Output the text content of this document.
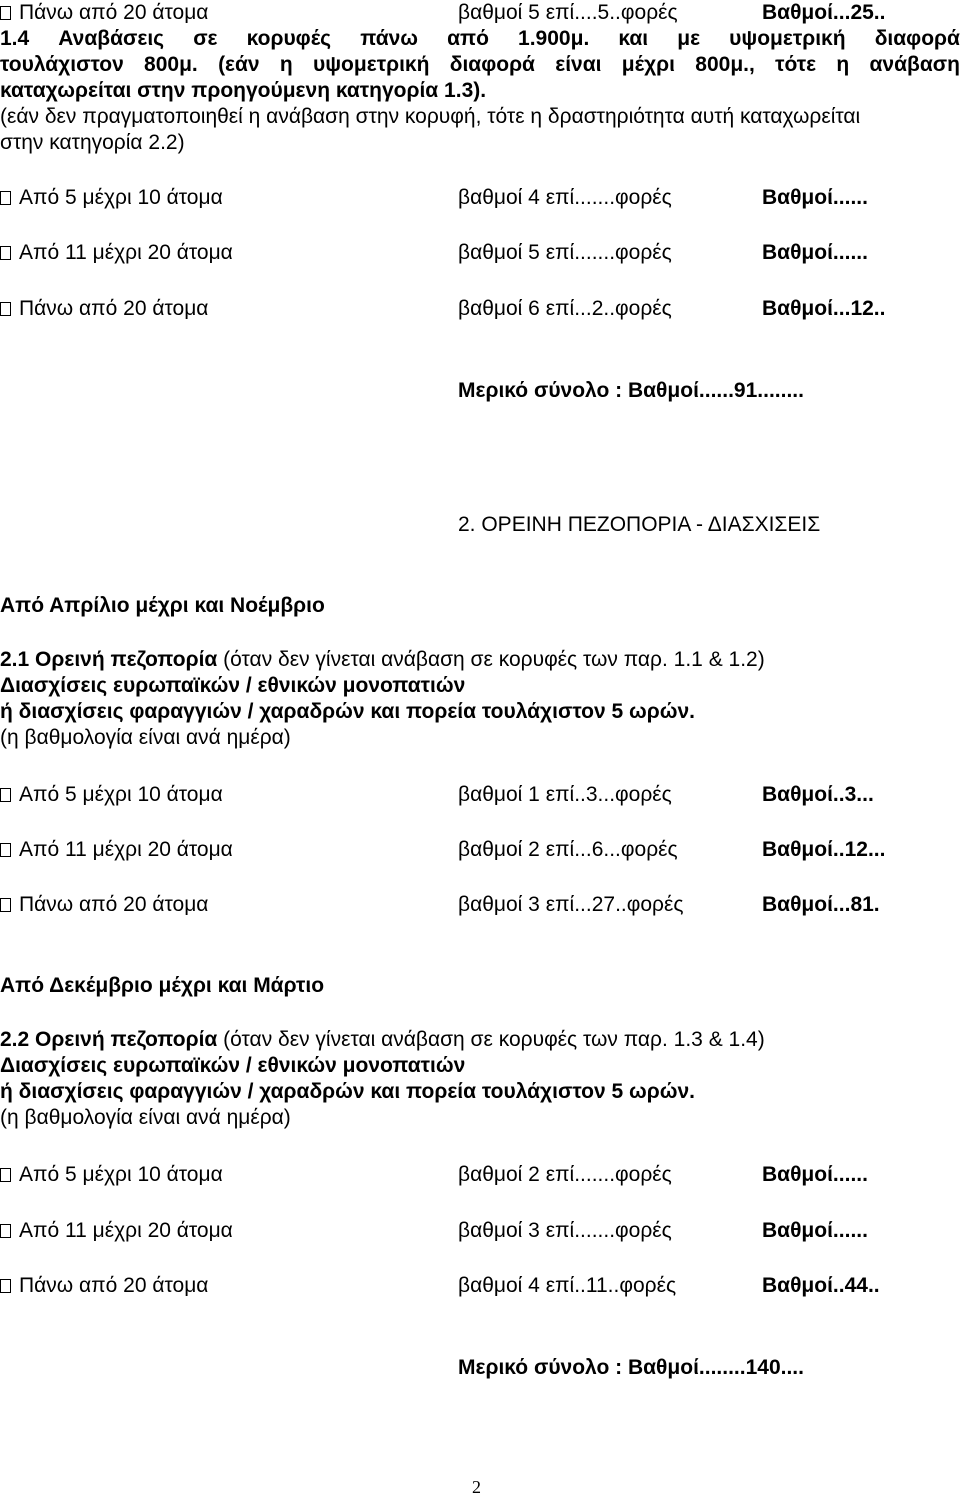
Πάνω από 20 άτομα	βαθμοί 5 επί....5..φορές	Βαθμοί...25..
1.4 Αναβάσεις σε κορυφές πάνω από 1.900μ. και με υψομετρική διαφορά
τουλάχιστον 800μ. (εάν η υψομετρική διαφορά είναι μέχρι 800μ., τότε η ανάβαση
καταχωρείται στην προηγούμενη κατηγορία 1.3).
(εάν δεν πραγματοποιηθεί η ανάβαση στην κορυφή, τότε η δραστηριότητα αυτή καταχωρείται
στην κατηγορία 2.2)
Από 5 μέχρι 10 άτομα	βαθμοί 4 επί.......φορές	Βαθμοί......
Από 11 μέχρι 20 άτομα	βαθμοί 5 επί.......φορές	Βαθμοί......
Πάνω από 20 άτομα	βαθμοί 6 επί...2..φορές	Βαθμοί...12..
Μερικό σύνολο : Βαθμοί......91........
2. ΟΡΕΙΝΗ ΠΕΖΟΠΟΡΙΑ - ΔΙΑΣΧΙΣΕΙΣ
Από Απρίλιο μέχρι και Νοέμβριο
2.1 Ορεινή πεζοπορία (όταν δεν γίνεται ανάβαση σε κορυφές των παρ. 1.1 & 1.2)
Διασχίσεις ευρωπαϊκών / εθνικών μονοπατιών
ή διασχίσεις φαραγγιών / χαραδρών και πορεία τουλάχιστον 5 ωρών.
(η βαθμολογία είναι ανά ημέρα)
Από 5 μέχρι 10 άτομα	βαθμοί 1 επί..3...φορές	Βαθμοί..3...
Από 11 μέχρι 20 άτομα	βαθμοί 2 επί...6...φορές	Βαθμοί..12...
Πάνω από 20 άτομα	βαθμοί 3 επί...27..φορές	Βαθμοί...81.
Από Δεκέμβριο μέχρι και Μάρτιο
2.2 Ορεινή πεζοπορία (όταν δεν γίνεται ανάβαση σε κορυφές των παρ. 1.3 & 1.4)
Διασχίσεις ευρωπαϊκών / εθνικών μονοπατιών
ή διασχίσεις φαραγγιών / χαραδρών και πορεία τουλάχιστον 5 ωρών.
(η βαθμολογία είναι ανά ημέρα)
Από 5 μέχρι 10 άτομα	βαθμοί 2 επί.......φορές	Βαθμοί......
Από 11 μέχρι 20 άτομα	βαθμοί 3 επί.......φορές	Βαθμοί......
Πάνω από 20 άτομα	βαθμοί 4 επί..11..φορές	Βαθμοί..44..
Μερικό σύνολο : Βαθμοί........140....
2
